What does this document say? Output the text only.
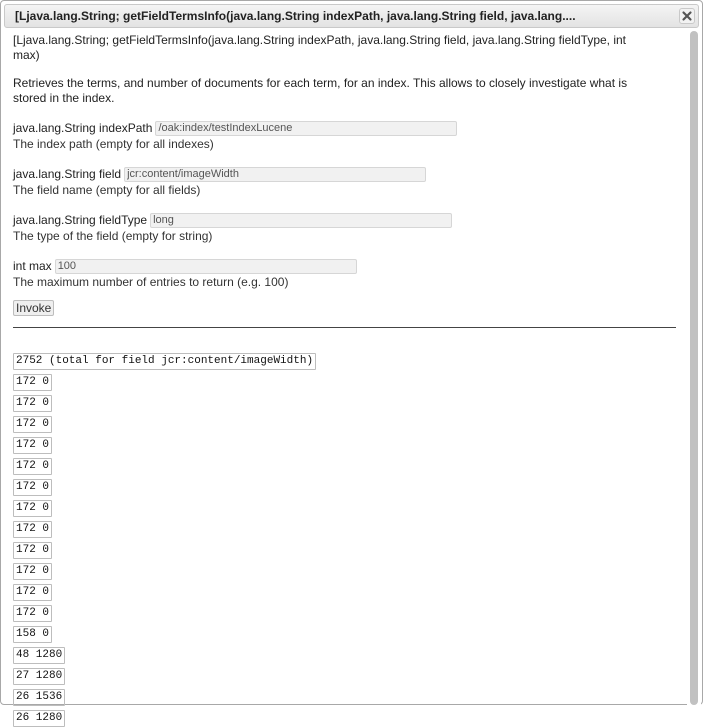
[Ljava.lang.String; getFieldTermsInfo(java.lang.String indexPath, java.lang.String field, java.lang....

[Ljava.lang.String; getFieldTermsInfo(java.lang.String indexPath, java.lang.String field, java.lang.String fieldType, int max)

Retrieves the terms, and number of documents for each term, for an index. This allows to closely investigate what is stored in the index.

java.lang.String indexPath
/oak:index/testIndexLucene
The index path (empty for all indexes)
java.lang.String field
jcr:content/imageWidth
The field name (empty for all fields)
java.lang.String fieldType
long
The type of the field (empty for string)
int max
100
The maximum number of entries to return (e.g. 100)
Invoke
2752 (total for field jcr:content/imageWidth)
172 0
172 0
172 0
172 0
172 0
172 0
172 0
172 0
172 0
172 0
172 0
172 0
158 0
48 1280
27 1280
26 1536
26 1280
